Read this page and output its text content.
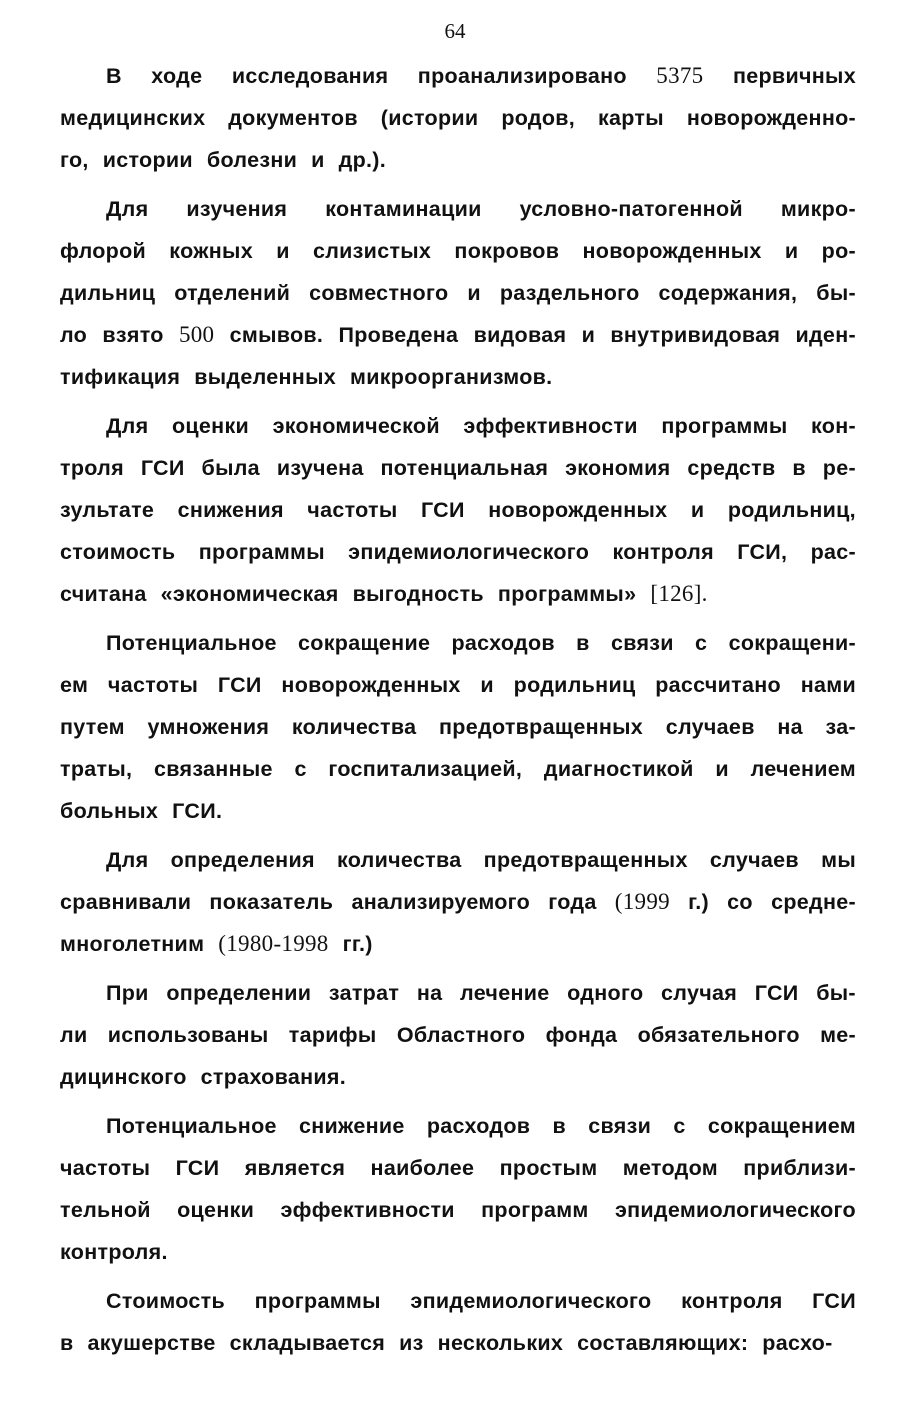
64
В ходе исследования проанализировано 5375 первичных
медицинских документов (истории родов, карты новорожденно-
го, истории болезни и др.).
Для изучения контаминации условно-патогенной микро-
флорой кожных и слизистых покровов новорожденных и ро-
дильниц отделений совместного и раздельного содержания, бы-
ло взято 500 смывов. Проведена видовая и внутривидовая иден-
тификация выделенных микроорганизмов.
Для оценки экономической эффективности программы кон-
троля ГСИ была изучена потенциальная экономия средств в ре-
зультате снижения частоты ГСИ новорожденных и родильниц,
стоимость программы эпидемиологического контроля ГСИ, рас-
считана «экономическая выгодность программы» [126].
Потенциальное сокращение расходов в связи с сокращени-
ем частоты ГСИ новорожденных и родильниц рассчитано нами
путем умножения количества предотвращенных случаев на за-
траты, связанные с госпитализацией, диагностикой и лечением
больных ГСИ.
Для определения количества предотвращенных случаев мы
сравнивали показатель анализируемого года (1999 г.) со средне-
многолетним (1980-1998 гг.)
При определении затрат на лечение одного случая ГСИ бы-
ли использованы тарифы Областного фонда обязательного ме-
дицинского страхования.
Потенциальное снижение расходов в связи с сокращением
частоты ГСИ является наиболее простым методом приблизи-
тельной оценки эффективности программ эпидемиологического
контроля.
Стоимость программы эпидемиологического контроля ГСИ
в акушерстве складывается из нескольких составляющих: расхо-
